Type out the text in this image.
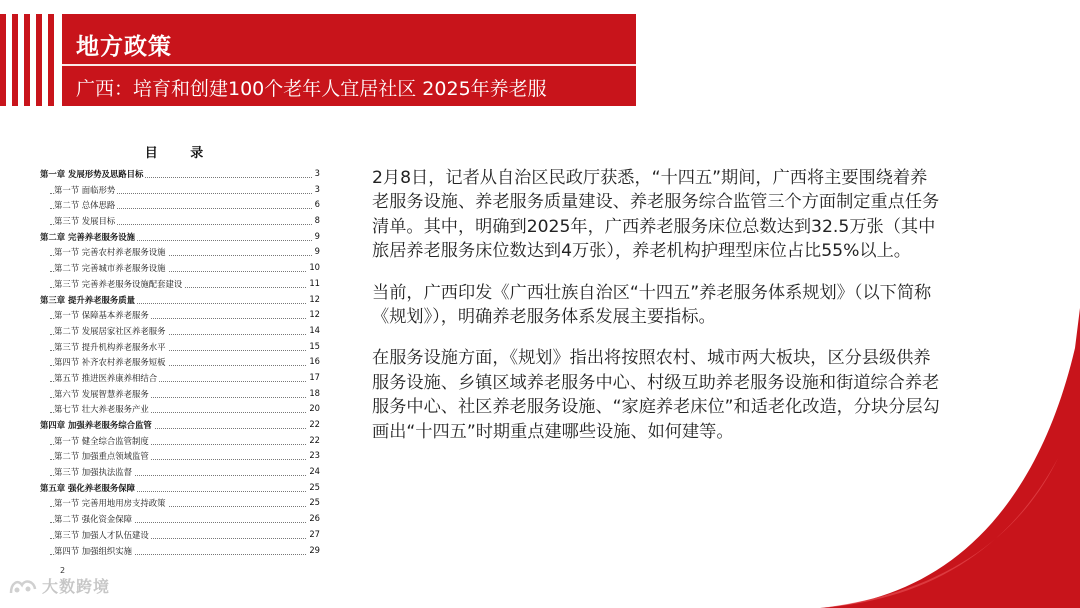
地方政策
广西：培育和创建100个老年人宜居社区 2025年养老服
目 录
第一章 发展形势及思路目标	3
第一节 面临形势	3
第二节 总体思路	6
第三节 发展目标	8
第二章 完善养老服务设施	9
第一节 完善农村养老服务设施	9
第二节 完善城市养老服务设施	10
第三节 完善养老服务设施配套建设	11
第三章 提升养老服务质量	12
第一节 保障基本养老服务	12
第二节 发展居家社区养老服务	14
第三节 提升机构养老服务水平	15
第四节 补齐农村养老服务短板	16
第五节 推进医养康养相结合	17
第六节 发展智慧养老服务	18
第七节 壮大养老服务产业	20
第四章 加强养老服务综合监管	22
第一节 健全综合监管制度	22
第二节 加强重点领域监管	23
第三节 加强执法监督	24
第五章 强化养老服务保障	25
第一节 完善用地用房支持政策	25
第二节 强化资金保障	26
第三节 加强人才队伍建设	27
第四节 加强组织实施	29
2

2月8日，记者从自治区民政厅获悉，“十四五”期间，广西将主要围绕着养老服务设施、养老服务质量建设、养老服务综合监管三个方面制定重点任务清单。其中，明确到2025年，广西养老服务床位总数达到32.5万张（其中旅居养老服务床位数达到4万张），养老机构护理型床位占比55%以上。

当前，广西印发《广西壮族自治区“十四五”养老服务体系规划》（以下简称《规划》），明确养老服务体系发展主要指标。

在服务设施方面，《规划》指出将按照农村、城市两大板块，区分县级供养服务设施、乡镇区域养老服务中心、村级互助养老服务设施和街道综合养老服务中心、社区养老服务设施、“家庭养老床位”和适老化改造，分块分层勾画出“十四五”时期重点建哪些设施、如何建等。

大数跨境
